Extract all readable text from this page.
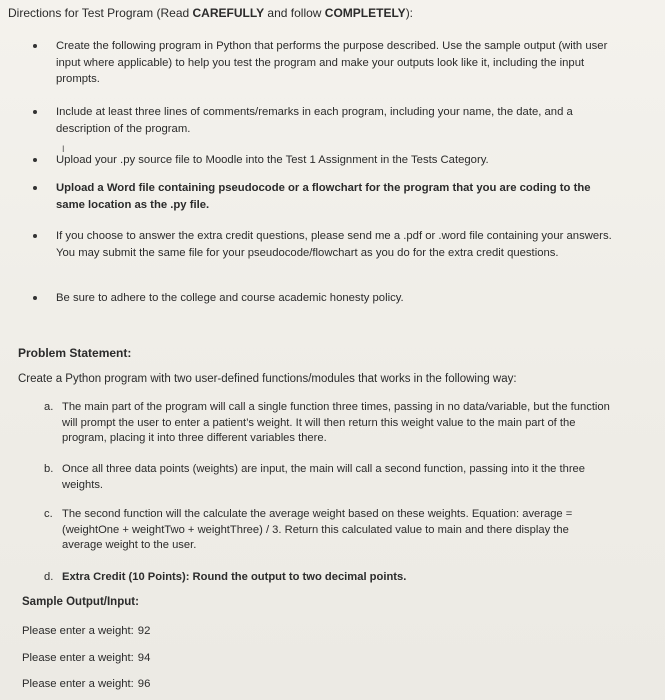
Directions for Test Program (Read CAREFULLY and follow COMPLETELY):
Create the following program in Python that performs the purpose described. Use the sample output (with user input where applicable) to help you test the program and make your outputs look like it, including the input prompts.
Include at least three lines of comments/remarks in each program, including your name, the date, and a description of the program.
Upload your .py source file to Moodle into the Test 1 Assignment in the Tests Category.
Upload a Word file containing pseudocode or a flowchart for the program that you are coding to the same location as the .py file.
If you choose to answer the extra credit questions, please send me a .pdf or .word file containing your answers. You may submit the same file for your pseudocode/flowchart as you do for the extra credit questions.
Be sure to adhere to the college and course academic honesty policy.
I
Problem Statement:
Create a Python program with two user-defined functions/modules that works in the following way:
a. The main part of the program will call a single function three times, passing in no data/variable, but the function will prompt the user to enter a patient’s weight. It will then return this weight value to the main part of the program, placing it into three different variables there.
b. Once all three data points (weights) are input, the main will call a second function, passing into it the three weights.
c. The second function will the calculate the average weight based on these weights. Equation: average = (weightOne + weightTwo + weightThree) / 3. Return this calculated value to main and there display the average weight to the user.
d. Extra Credit (10 Points): Round the output to two decimal points.
Sample Output/Input:
Please enter a weight: 92
Please enter a weight: 94
Please enter a weight: 96
